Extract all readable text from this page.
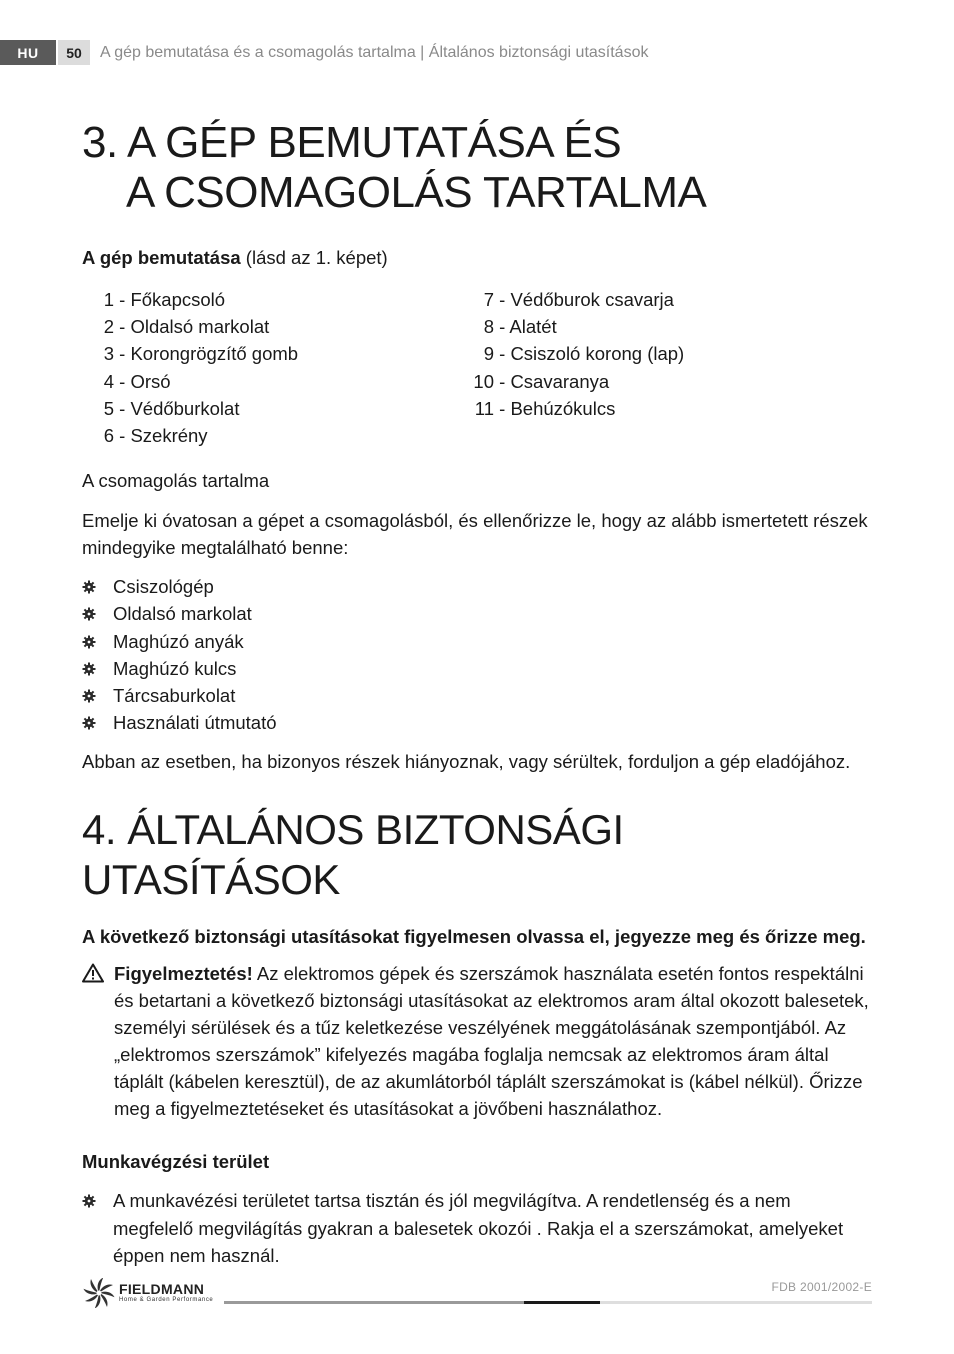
HU	50	A gép bemutatása és a csomagolás tartalma | Általános biztonsági utasítások
3. A GÉP BEMUTATÁSA ÉS
A CSOMAGOLÁS TARTALMA
A gép bemutatása (lásd az 1. képet)
1 - Főkapcsoló
2 - Oldalsó markolat
3 - Korongrögzítő gomb
4 - Orsó
5 - Védőburkolat
6 - Szekrény
7 - Védőburok csavarja
8 - Alatét
9 - Csiszoló korong (lap)
10 - Csavaranya
11 - Behúzókulcs

A csomagolás tartalma

Emelje ki óvatosan a gépet a csomagolásból, és ellenőrizze le, hogy az alább ismertetett részek mindegyike megtalálható benne:

Csiszológép
Oldalsó markolat
Maghúzó anyák
Maghúzó kulcs
Tárcsaburkolat
Használati útmutató

Abban az esetben, ha bizonyos részek hiányoznak, vagy sérültek, forduljon a gép eladójához.

4. ÁLTALÁNOS BIZTONSÁGI UTASÍTÁSOK
A következő biztonsági utasításokat figyelmesen olvassa el, jegyezze meg és őrizze meg.

Figyelmeztetés! Az elektromos gépek és szerszámok használata esetén fontos respektálni és betartani a következő biztonsági utasításokat az elektromos aram által okozott balesetek, személyi sérülések és a tűz keletkezése veszélyének meggátolásának szempontjából. Az „elektromos szerszámok” kifelyezés magába foglalja nemcsak az elektromos áram által táplált (kábelen keresztül), de az akumlátorból táplált szerszámokat is (kábel nélkül). Őrizze meg a figyelmeztetéseket és utasításokat a jövőbeni használathoz.

Munkavégzési terület
A munkavézési területet tartsa tisztán és jól megvilágítva. A rendetlenség és a nem megfelelő megvilágítás gyakran a balesetek okozói . Rakja el a szerszámokat, amelyeket éppen nem használ.
FIELDMANN
Home & Garden Performance
FDB 2001/2002-E
